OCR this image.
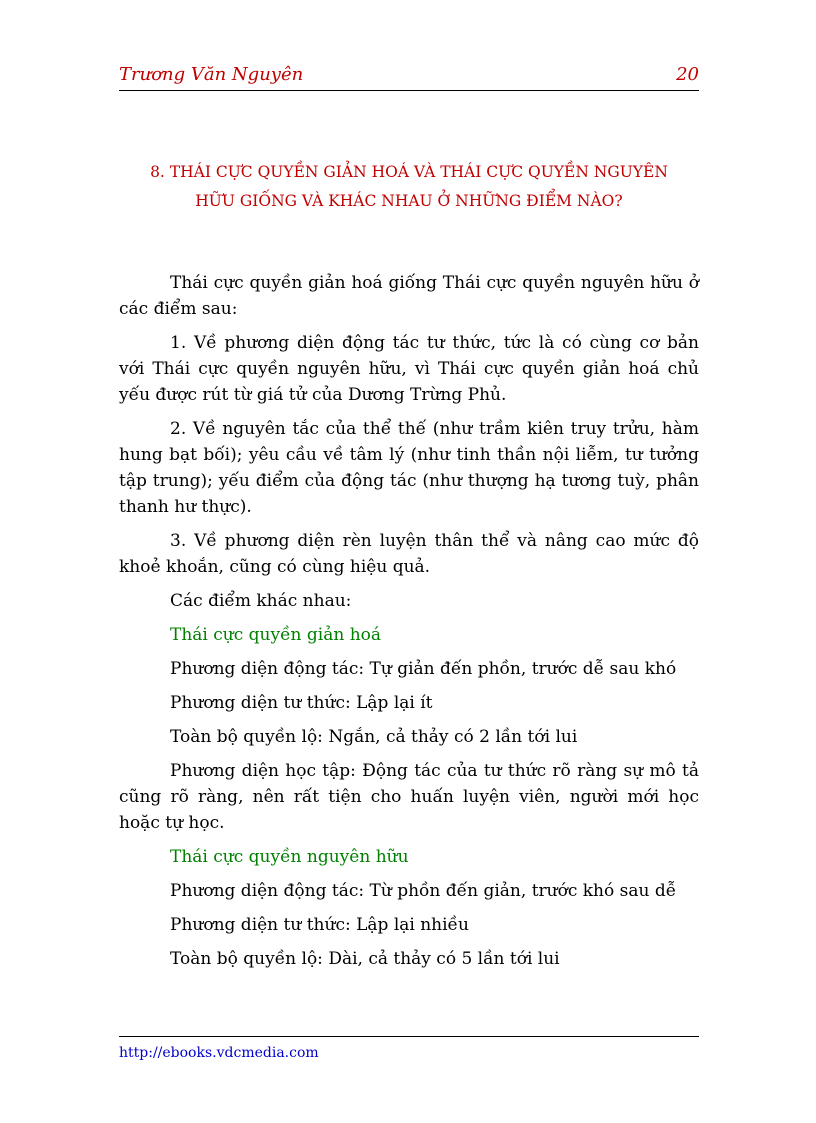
Trương Văn Nguyên	20
8. THÁI CỰC QUYỀN GIẢN HOÁ VÀ THÁI CỰC QUYỀN NGUYÊN
HỮU GIỐNG VÀ KHÁC NHAU Ở NHỮNG ĐIỂM NÀO?

Thái cực quyền giản hoá giống Thái cực quyền nguyên hữu ở các điểm sau:

1. Về phương diện động tác tư thức, tức là có cùng cơ bản với Thái cực quyền nguyên hữu, vì Thái cực quyền giản hoá chủ yếu được rút từ giá tử của Dương Trừng Phủ.

2. Về nguyên tắc của thể thế (như trầm kiên truy trửu, hàm hung bạt bối); yêu cầu về tâm lý (như tinh thần nội liễm, tư tưởng tập trung); yếu điểm của động tác (như thượng hạ tương tuỳ, phân thanh hư thực).

3. Về phương diện rèn luyện thân thể và nâng cao mức độ khoẻ khoắn, cũng có cùng hiệu quả.

Các điểm khác nhau:

Thái cực quyền giản hoá

Phương diện động tác: Tự giản đến phồn, trước dễ sau khó

Phương diện tư thức: Lập lại ít

Toàn bộ quyền lộ: Ngắn, cả thảy có 2 lần tới lui

Phương diện học tập: Động tác của tư thức rõ ràng sự mô tả cũng rõ ràng, nên rất tiện cho huấn luyện viên, người mới học hoặc tự học.

Thái cực quyền nguyên hữu

Phương diện động tác: Từ phồn đến giản, trước khó sau dễ

Phương diện tư thức: Lập lại nhiều

Toàn bộ quyền lộ: Dài, cả thảy có 5 lần tới lui

http://ebooks.vdcmedia.com
